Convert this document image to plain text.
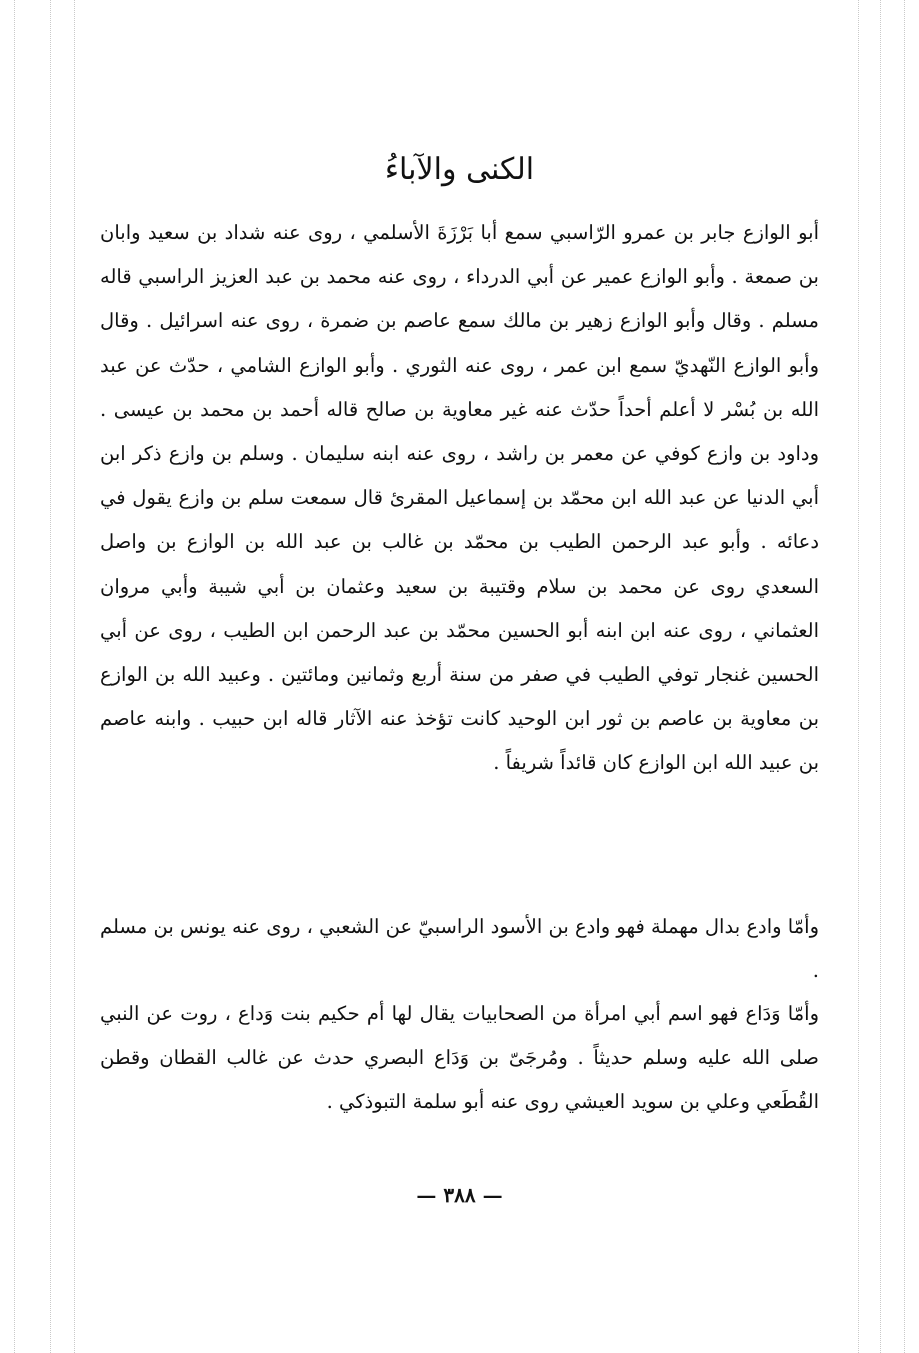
الكنى والآباءُ

أبو الوازع جابر بن عمرو الرّاسبي سمع أبا بَرْزَةَ الأسلمي ، روى عنه شداد بن سعيد وابان بن صمعة . وأبو الوازع عمير عن أبي الدرداء ، روى عنه محمد بن عبد العزيز الراسبي قاله مسلم . وقال وأبو الوازع زهير بن مالك سمع عاصم بن ضمرة ، روى عنه اسرائيل . وقال وأبو الوازع النّهديّ سمع ابن عمر ، روى عنه الثوري . وأبو الوازع الشامي ، حدّث عن عبد الله بن بُسْر لا أعلم أحداً حدّث عنه غير معاوية بن صالح قاله أحمد بن محمد بن عيسى . وداود بن وازع كوفي عن معمر بن راشد ، روى عنه ابنه سليمان . وسلم بن وازع ذكر ابن أبي الدنيا عن عبد الله ابن محمّد بن إسماعيل المقرئ قال سمعت سلم بن وازع يقول في دعائه . وأبو عبد الرحمن الطيب بن محمّد بن غالب بن عبد الله بن الوازع بن واصل السعدي روى عن محمد بن سلام وقتيبة بن سعيد وعثمان بن أبي شيبة وأبي مروان العثماني ، روى عنه ابن ابنه أبو الحسين محمّد بن عبد الرحمن ابن الطيب ، روى عن أبي الحسين غنجار توفي الطيب في صفر من سنة أربع وثمانين ومائتين . وعبيد الله بن الوازع بن معاوية بن عاصم بن ثور ابن الوحيد كانت تؤخذ عنه الآثار قاله ابن حبيب . وابنه عاصم بن عبيد الله ابن الوازع كان قائداً شريفاً .

وأمّا وادع بدال مهملة فهو وادع بن الأسود الراسبيّ عن الشعبي ، روى عنه يونس بن مسلم .

وأمّا وَدَاع فهو اسم أبي امرأة من الصحابيات يقال لها أم حكيم بنت وَداع ، روت عن النبي صلى الله عليه وسلم حديثاً . ومُرجَىّ بن وَدَاع البصري حدث عن غالب القطان وقطن القُطَعي وعلي بن سويد العيشي روى عنه أبو سلمة التبوذكي .

— ٣٨٨ —
